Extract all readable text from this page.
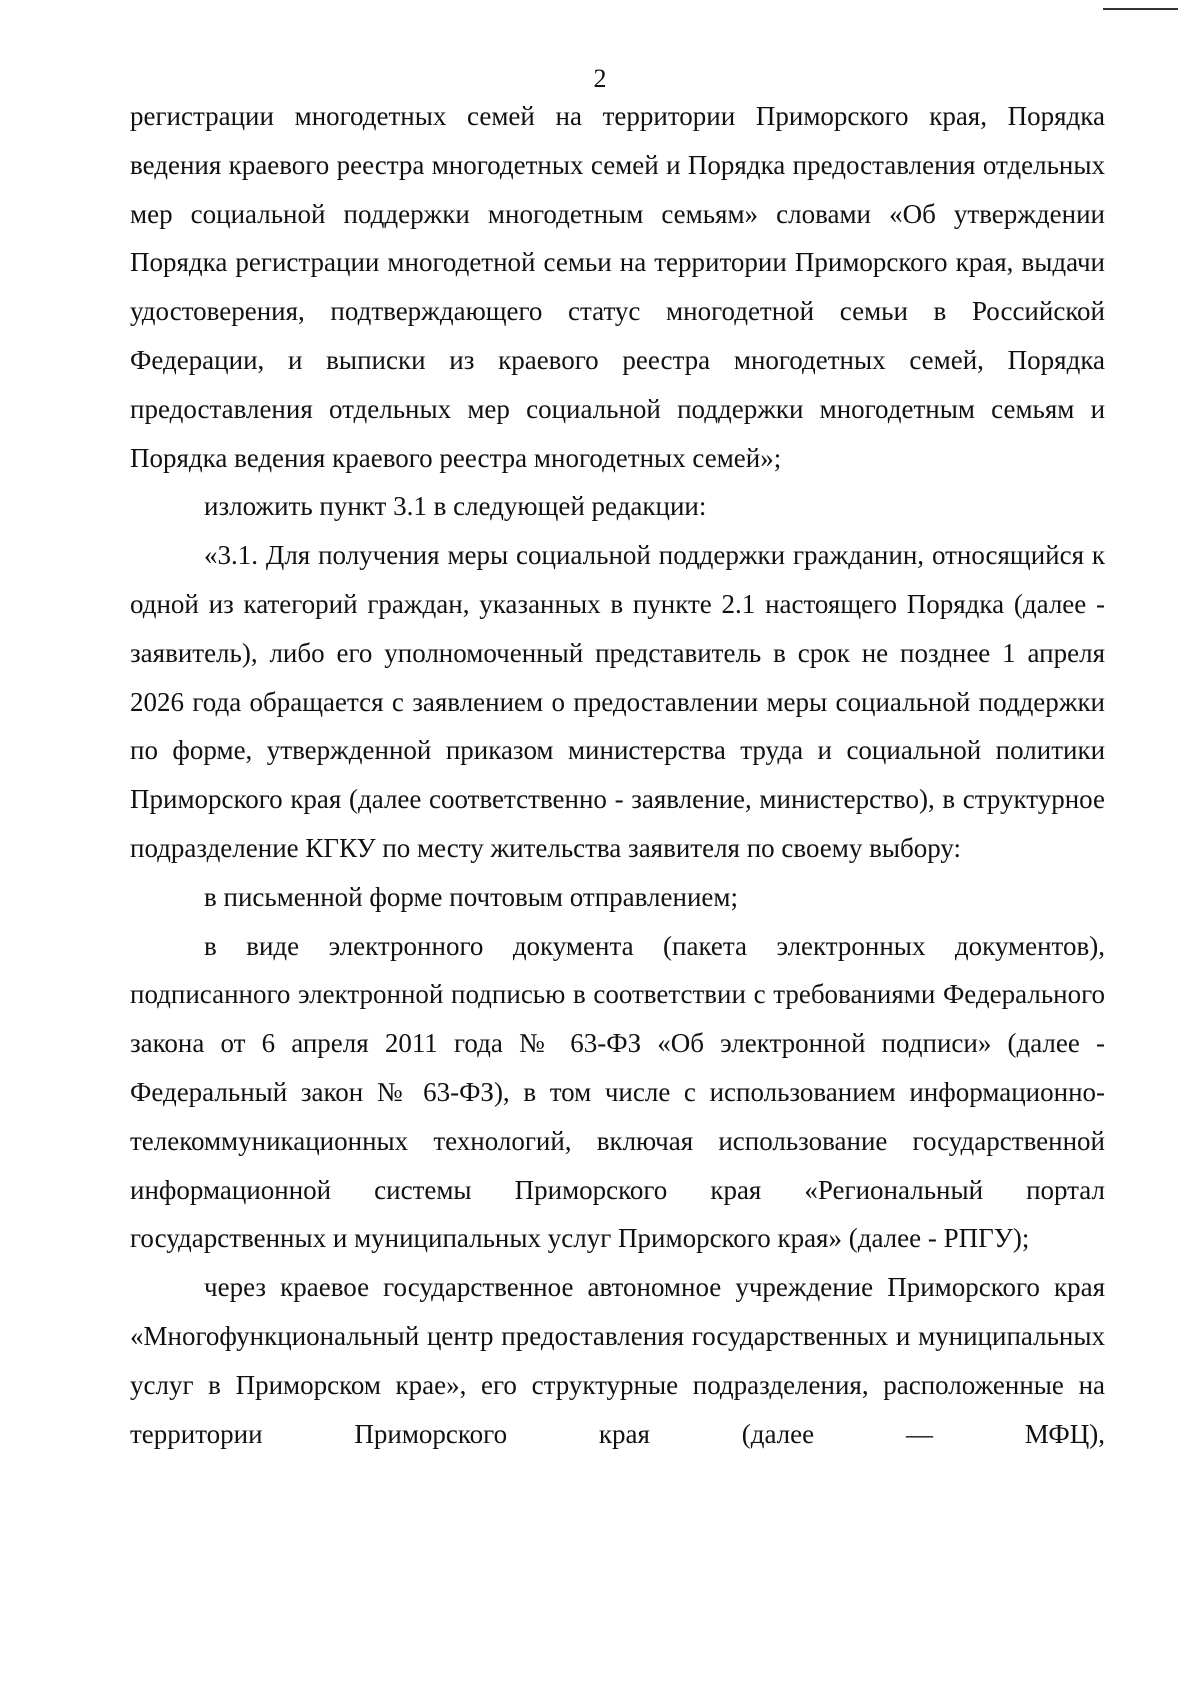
2

регистрации многодетных семей на территории Приморского края, Порядка ведения краевого реестра многодетных семей и Порядка предоставления отдельных мер социальной поддержки многодетным семьям» словами «Об утверждении Порядка регистрации многодетной семьи на территории Приморского края, выдачи удостоверения, подтверждающего статус многодетной семьи в Российской Федерации, и выписки из краевого реестра многодетных семей, Порядка предоставления отдельных мер социальной поддержки многодетным семьям и Порядка ведения краевого реестра многодетных семей»;

изложить пункт 3.1 в следующей редакции:

«3.1. Для получения меры социальной поддержки гражданин, относящийся к одной из категорий граждан, указанных в пункте 2.1 настоящего Порядка (далее - заявитель), либо его уполномоченный представитель в срок не позднее 1 апреля 2026 года обращается с заявлением о предоставлении меры социальной поддержки по форме, утвержденной приказом министерства труда и социальной политики Приморского края (далее соответственно - заявление, министерство), в структурное подразделение КГКУ по месту жительства заявителя по своему выбору:

в письменной форме почтовым отправлением;

в виде электронного документа (пакета электронных документов), подписанного электронной подписью в соответствии с требованиями Федерального закона от 6 апреля 2011 года № 63-ФЗ «Об электронной подписи» (далее - Федеральный закон № 63-ФЗ), в том числе с использованием информационно-телекоммуникационных технологий, включая использование государственной информационной системы Приморского края «Региональный портал государственных и муниципальных услуг Приморского края» (далее - РПГУ);

через краевое государственное автономное учреждение Приморского края «Многофункциональный центр предоставления государственных и муниципальных услуг в Приморском крае», его структурные подразделения, расположенные на территории Приморского края (далее — МФЦ),
